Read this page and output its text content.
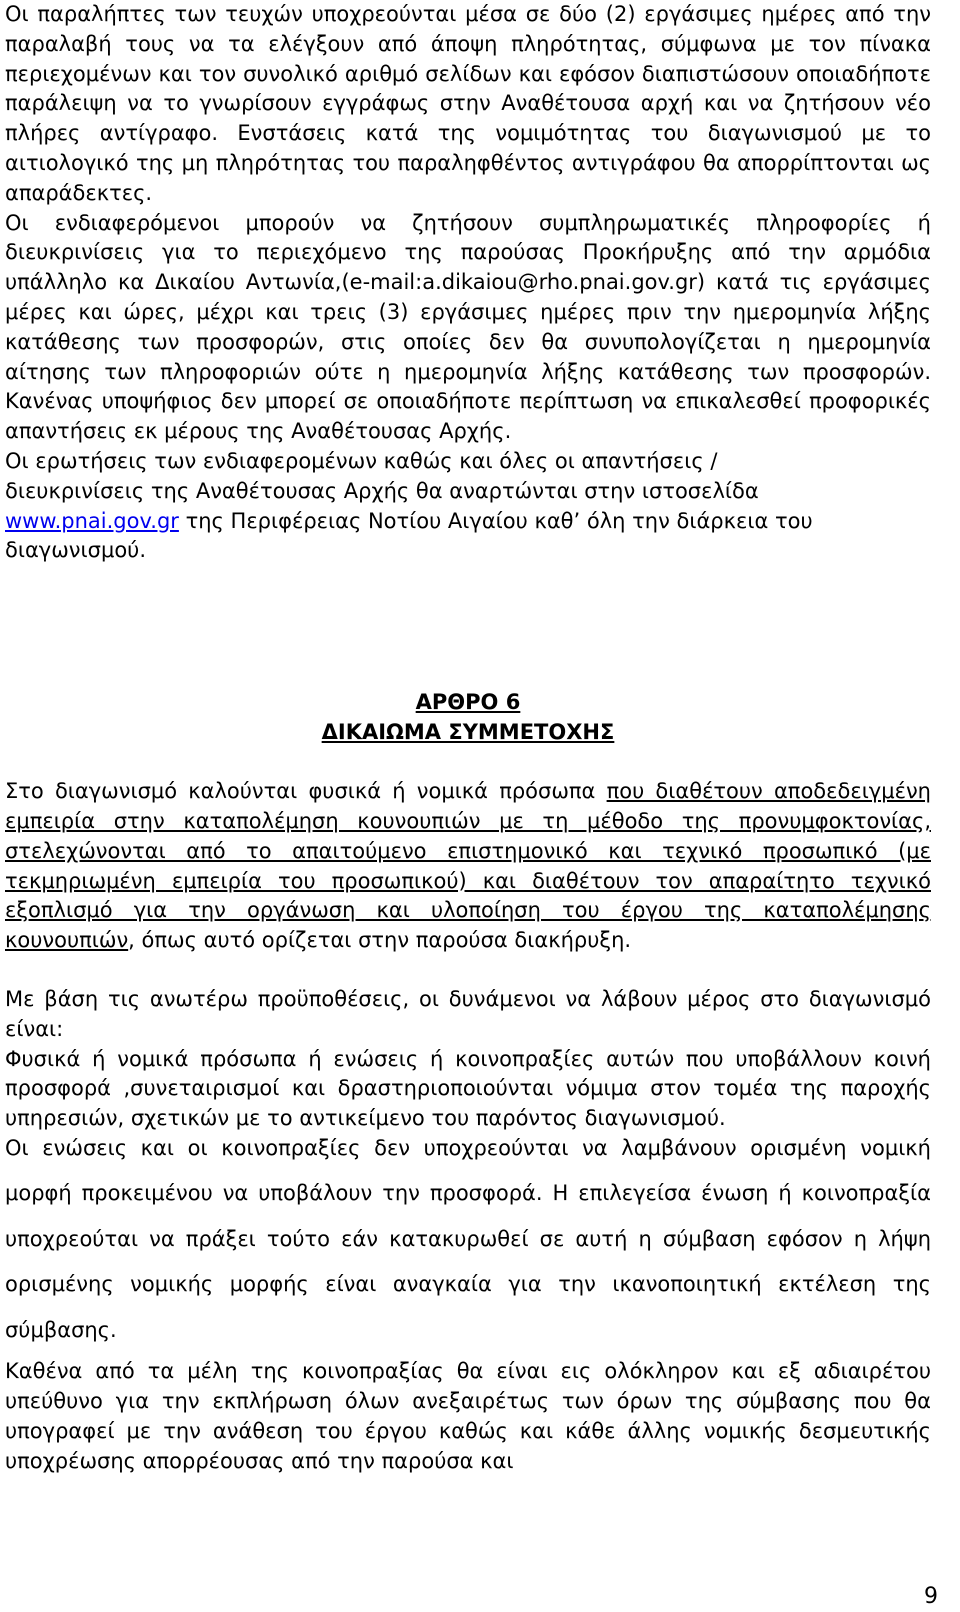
Οι παραλήπτες των τευχών υποχρεούνται μέσα σε δύο (2) εργάσιμες ημέρες από την παραλαβή τους να τα ελέγξουν από άποψη πληρότητας, σύμφωνα με τον πίνακα περιεχομένων και τον συνολικό αριθμό σελίδων και εφόσον διαπιστώσουν οποιαδήποτε παράλειψη να το γνωρίσουν εγγράφως στην Αναθέτουσα αρχή και να ζητήσουν νέο πλήρες αντίγραφο. Ενστάσεις κατά της νομιμότητας του διαγωνισμού με το αιτιολογικό της μη πληρότητας του παραληφθέντος αντιγράφου θα απορρίπτονται ως απαράδεκτες.

Οι ενδιαφερόμενοι μπορούν να ζητήσουν συμπληρωματικές πληροφορίες ή διευκρινίσεις για το περιεχόμενο της παρούσας Προκήρυξης από την αρμόδια υπάλληλο κα Δικαίου Αντωνία,(e-mail:a.dikaiou@rho.pnai.gov.gr) κατά τις εργάσιμες μέρες και ώρες, μέχρι και τρεις (3) εργάσιμες ημέρες πριν την ημερομηνία λήξης κατάθεσης των προσφορών, στις οποίες δεν θα συνυπολογίζεται η ημερομηνία αίτησης των πληροφοριών ούτε η ημερομηνία λήξης κατάθεσης των προσφορών. Κανένας υποψήφιος δεν μπορεί σε οποιαδήποτε περίπτωση να επικαλεσθεί προφορικές απαντήσεις εκ μέρους της Αναθέτουσας Αρχής.

Οι ερωτήσεις των ενδιαφερομένων καθώς και όλες οι απαντήσεις /
διευκρινίσεις της Αναθέτουσας Αρχής θα αναρτώνται στην ιστοσελίδα
www.pnai.gov.gr της Περιφέρειας Νοτίου Αιγαίου καθ’ όλη την διάρκεια του διαγωνισμού.

ΑΡΘΡΟ 6
ΔΙΚΑΙΩΜΑ ΣΥΜΜΕΤΟΧΗΣ

Στο διαγωνισμό καλούνται φυσικά ή νομικά πρόσωπα που διαθέτουν αποδεδειγμένη εμπειρία στην καταπολέμηση κουνουπιών με τη μέθοδο της προνυμφοκτονίας, στελεχώνονται από το απαιτούμενο επιστημονικό και τεχνικό προσωπικό (με τεκμηριωμένη εμπειρία του προσωπικού) και διαθέτουν τον απαραίτητο τεχνικό εξοπλισμό για την οργάνωση και υλοποίηση του έργου της καταπολέμησης κουνουπιών, όπως αυτό ορίζεται στην παρούσα διακήρυξη.

Με βάση τις ανωτέρω προϋποθέσεις, οι δυνάμενοι να λάβουν μέρος στο διαγωνισμό είναι:

Φυσικά ή νομικά πρόσωπα ή ενώσεις ή κοινοπραξίες αυτών που υποβάλλουν κοινή προσφορά ,συνεταιρισμοί και δραστηριοποιούνται νόμιμα στον τομέα της παροχής υπηρεσιών, σχετικών με το αντικείμενο του παρόντος διαγωνισμού.

Οι ενώσεις και οι κοινοπραξίες δεν υποχρεούνται να λαμβάνουν ορισμένη νομική μορφή προκειμένου να υποβάλουν την προσφορά. Η επιλεγείσα ένωση ή κοινοπραξία υποχρεούται να πράξει τούτο εάν κατακυρωθεί σε αυτή η σύμβαση εφόσον η λήψη ορισμένης νομικής μορφής είναι αναγκαία για την ικανοποιητική εκτέλεση της σύμβασης.

Καθένα από τα μέλη της κοινοπραξίας θα είναι εις ολόκληρον και εξ αδιαιρέτου υπεύθυνο για την εκπλήρωση όλων ανεξαιρέτως των όρων της σύμβασης που θα υπογραφεί με την ανάθεση του έργου καθώς και κάθε άλλης νομικής δεσμευτικής υποχρέωσης απορρέουσας από την παρούσα και

9
